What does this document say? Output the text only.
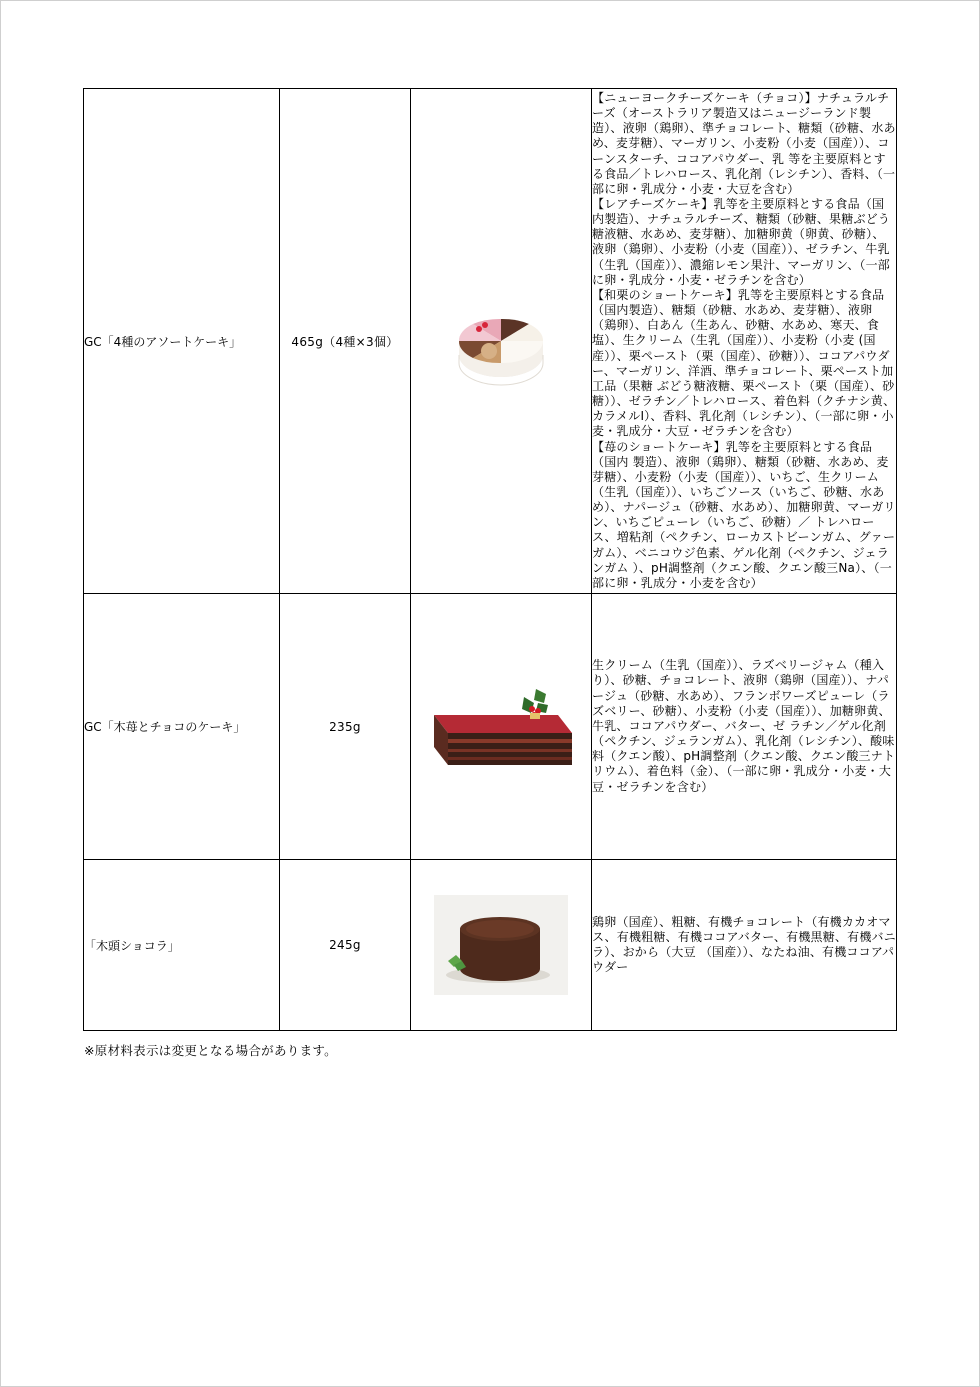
GC「4種のアソートケーキ」	465g（4種×3個）		【ニューヨークチーズケーキ（チョコ）】ナチュラルチーズ（オーストラリア製造又はニュージーランド製造）、液卵（鶏卵）、準チョコレート、糖類（砂糖、水あめ、麦芽糖）、マーガリン、小麦粉（小麦（国産））、コーンスターチ、ココアパウダー、乳 等を主要原料とする食品／トレハロース、乳化剤（レシチン）、香料、（一部に卵・乳成分・小麦・大豆を含む）
【レアチーズケーキ】乳等を主要原料とする食品（国内製造）、ナチュラルチーズ、糖類（砂糖、果糖ぶどう糖液糖、水あめ、麦芽糖）、加糖卵黄（卵黄、砂糖）、液卵（鶏卵）、小麦粉（小麦（国産））、ゼラチン、牛乳（生乳（国産））、濃縮レモン果汁、マーガリン、（一部に卵・乳成分・小麦・ゼラチンを含む）
【和栗のショートケーキ】乳等を主要原料とする食品（国内製造）、糖類（砂糖、水あめ、麦芽糖）、液卵（鶏卵）、白あん（生あん、砂糖、水あめ、寒天、食塩）、生クリーム（生乳（国産））、小麦粉（小麦 (国産））、栗ペースト（栗（国産）、砂糖））、ココアパウダー、マーガリン、洋酒、準チョコレート、栗ペースト加工品（果糖 ぶどう糖液糖、栗ペースト（栗（国産）、砂糖））、ゼラチン／トレハロース、着色料（クチナシ黄、カラメルⅠ）、香料、乳化剤（レシチン）、（一部に卵・小麦・乳成分・大豆・ゼラチンを含む）
【苺のショートケーキ】乳等を主要原料とする食品（国内 製造）、液卵（鶏卵）、糖類（砂糖、水あめ、麦芽糖）、小麦粉（小麦（国産））、いちご、生クリーム（生乳（国産））、いちごソース（いちご、砂糖、水あめ）、ナパージュ（砂糖、水あめ）、加糖卵黄、マーガリン、いちごピューレ（いちご、砂糖）／ トレハロース、増粘剤（ペクチン、ローカストビーンガム、グァーガム）、ベニコウジ色素、ゲル化剤（ペクチン、ジェランガム ）、pH調整剤（クエン酸、クエン酸三Na）、（一部に卵・乳成分・小麦を含む）

GC「木苺とチョコのケーキ」	235g		生クリーム（生乳（国産））、ラズベリージャム（種入り）、砂糖、チョコレート、液卵（鶏卵（国産））、ナパージュ（砂糖、水あめ）、フランボワーズピューレ（ラズベリー、砂糖）、小麦粉（小麦（国産））、加糖卵黄、牛乳、ココアパウダー、バター、ゼ ラチン／ゲル化剤（ペクチン、ジェランガム）、乳化剤（レシチン）、酸味料（クエン酸）、pH調整剤（クエン酸、クエン酸三ナト リウム）、着色料（金）、（一部に卵・乳成分・小麦・大豆・ゼラチンを含む）

「木頭ショコラ」	245g		鶏卵（国産）、粗糖、有機チョコレート（有機カカオマス、有機粗糖、有機ココアバター、有機黒糖、有機バニラ）、おから（大豆 （国産））、なたね油、有機ココアパウダー
※原材料表示は変更となる場合があります。
